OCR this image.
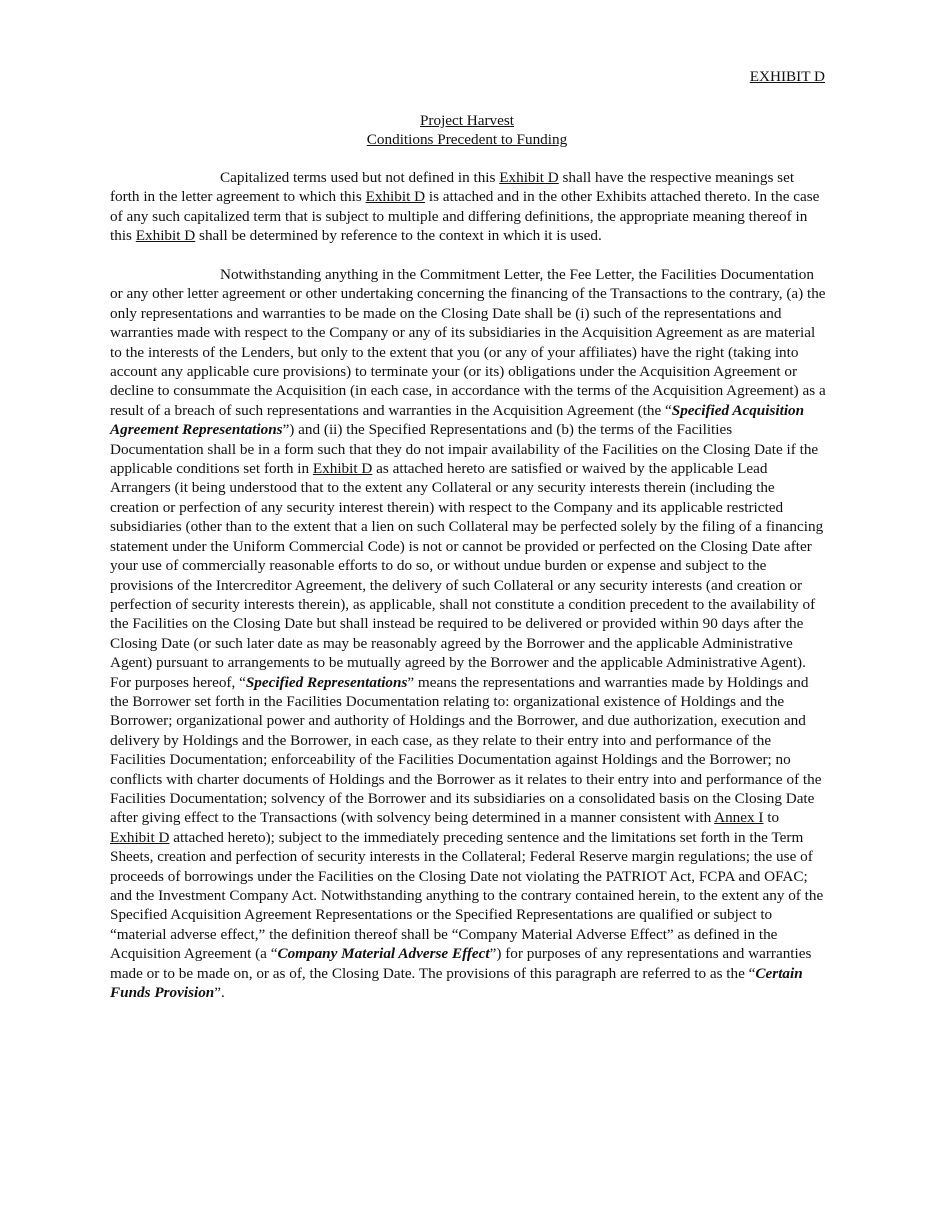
EXHIBIT D
Project Harvest
Conditions Precedent to Funding

Capitalized terms used but not defined in this Exhibit D shall have the respective meanings set forth in the letter agreement to which this Exhibit D is attached and in the other Exhibits attached thereto. In the case of any such capitalized term that is subject to multiple and differing definitions, the appropriate meaning thereof in this Exhibit D shall be determined by reference to the context in which it is used.

Notwithstanding anything in the Commitment Letter, the Fee Letter, the Facilities Documentation or any other letter agreement or other undertaking concerning the financing of the Transactions to the contrary, (a) the only representations and warranties to be made on the Closing Date shall be (i) such of the representations and warranties made with respect to the Company or any of its subsidiaries in the Acquisition Agreement as are material to the interests of the Lenders, but only to the extent that you (or any of your affiliates) have the right (taking into account any applicable cure provisions) to terminate your (or its) obligations under the Acquisition Agreement or decline to consummate the Acquisition (in each case, in accordance with the terms of the Acquisition Agreement) as a result of a breach of such representations and warranties in the Acquisition Agreement (the “Specified Acquisition Agreement Representations”) and (ii) the Specified Representations and (b) the terms of the Facilities Documentation shall be in a form such that they do not impair availability of the Facilities on the Closing Date if the applicable conditions set forth in Exhibit D as attached hereto are satisfied or waived by the applicable Lead Arrangers (it being understood that to the extent any Collateral or any security interests therein (including the creation or perfection of any security interest therein) with respect to the Company and its applicable restricted subsidiaries (other than to the extent that a lien on such Collateral may be perfected solely by the filing of a financing statement under the Uniform Commercial Code) is not or cannot be provided or perfected on the Closing Date after your use of commercially reasonable efforts to do so, or without undue burden or expense and subject to the provisions of the Intercreditor Agreement, the delivery of such Collateral or any security interests (and creation or perfection of security interests therein), as applicable, shall not constitute a condition precedent to the availability of the Facilities on the Closing Date but shall instead be required to be delivered or provided within 90 days after the Closing Date (or such later date as may be reasonably agreed by the Borrower and the applicable Administrative Agent) pursuant to arrangements to be mutually agreed by the Borrower and the applicable Administrative Agent). For purposes hereof, “Specified Representations” means the representations and warranties made by Holdings and the Borrower set forth in the Facilities Documentation relating to: organizational existence of Holdings and the Borrower; organizational power and authority of Holdings and the Borrower, and due authorization, execution and delivery by Holdings and the Borrower, in each case, as they relate to their entry into and performance of the Facilities Documentation; enforceability of the Facilities Documentation against Holdings and the Borrower; no conflicts with charter documents of Holdings and the Borrower as it relates to their entry into and performance of the Facilities Documentation; solvency of the Borrower and its subsidiaries on a consolidated basis on the Closing Date after giving effect to the Transactions (with solvency being determined in a manner consistent with Annex I to Exhibit D attached hereto); subject to the immediately preceding sentence and the limitations set forth in the Term Sheets, creation and perfection of security interests in the Collateral; Federal Reserve margin regulations; the use of proceeds of borrowings under the Facilities on the Closing Date not violating the PATRIOT Act, FCPA and OFAC; and the Investment Company Act. Notwithstanding anything to the contrary contained herein, to the extent any of the Specified Acquisition Agreement Representations or the Specified Representations are qualified or subject to “material adverse effect,” the definition thereof shall be “Company Material Adverse Effect” as defined in the Acquisition Agreement (a “Company Material Adverse Effect”) for purposes of any representations and warranties made or to be made on, or as of, the Closing Date. The provisions of this paragraph are referred to as the “Certain Funds Provision”.
